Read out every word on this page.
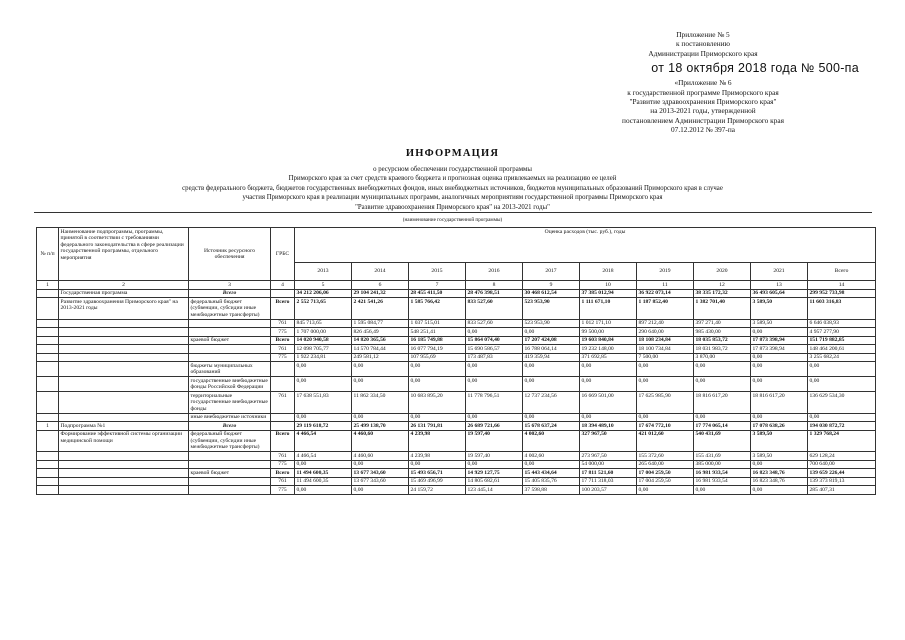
Приложение № 5
к постановлению
Администрации Приморского края
от 18 октября 2018 года № 500-па
«Приложение № 6
к государственной программе Приморского края
"Развитие здравоохранения Приморского края"
на 2013-2021 годы, утвержденной
постановлением Администрации Приморского края
07.12.2012 № 397-па
ИНФОРМАЦИЯ
о ресурсном обеспечении государственной программы
Приморского края за счет средств краевого бюджета и прогнозная оценка привлекаемых на реализацию ее целей
средств федерального бюджета, бюджетов государственных внебюджетных фондов, иных внебюджетных источников, бюджетов муниципальных образований Приморского края в случае
участия Приморского края в реализации муниципальных программ, аналогичных мероприятиям государственной программы Приморского края
"Развитие здравоохранения Приморского края" на 2013-2021 годы"
(наименование государственной программы)
№ п/п	Наименование подпрограммы, программы, принятой в соответствии с требованиями федерального законодательства в сфере реализации государственной программы, отдельного мероприятия	Источник ресурсного обеспечения	ГРБС	Оценка расходов (тыс. руб.), годы									
				2013	2014	2015	2016	2017	2018	2019	2020	2021	Всего
1	2	3	4	5	6	7	8	9	10	11	12	13	14
	Государственная программа	Всего		34 212 206,06	29 104 241,32	28 455 411,50	28 476 398,51	30 468 612,54	37 385 012,94	36 922 073,14	38 335 172,32	36 493 605,64	299 952 733,98
	Развитие здравоохранения Приморского края" на 2013-2021 годы	федеральный бюджет (субвенции, субсидии иные межбюджетные трансферты)	Всего	2 552 713,65	2 421 541,26	1 585 766,42	833 527,60	523 953,90	1 111 671,10	1 187 852,40	1 382 701,40	3 589,50	11 603 316,83
			761	845 713,65	1 595 084,77	1 037 515,01	833 527,60	523 953,90	1 012 171,10	897 212,40	397 271,40	3 589,50	6 646 038,93
			775	1 707 000,00	826 456,49	548 251,41	0,00	0,00	99 500,00	290 640,00	985 430,00	0,00	4 957 277,90
		краевой бюджет	Всего	14 020 940,58	14 820 365,56	16 185 749,88	15 864 074,40	17 207 424,08	19 603 840,84	18 108 234,84	18 035 853,72	17 873 398,94	151 719 882,85
			761	12 098 705,77	14 570 784,44	16 077 794,19	15 690 586,57	16 788 064,14	19 232 148,00	18 100 734,84	18 031 983,72	17 873 398,94	148 464 200,61
			775	1 922 234,81	249 581,12	107 955,69	173 487,83	419 359,94	371 692,85	7 500,00	3 870,00	0,00	3 255 682,24
		бюджеты муниципальных образований		0,00	0,00	0,00	0,00	0,00	0,00	0,00	0,00	0,00	0,00
		государственные внебюджетные фонды Российской Федерации		0,00	0,00	0,00	0,00	0,00	0,00	0,00	0,00	0,00	0,00
		территориальные государственные внебюджетные фонды	761	17 638 551,83	11 862 334,50	10 683 895,20	11 778 796,51	12 737 234,56	16 669 501,00	17 625 985,90	18 816 617,20	18 816 617,20	136 629 534,30
		иные внебюджетные источники		0,00	0,00	0,00	0,00	0,00	0,00	0,00	0,00	0,00	0,00
1	Подпрограмма №1	Всего		29 119 618,72	25 499 138,70	26 131 791,81	26 689 721,66	15 678 637,24	18 394 489,10	17 674 772,10	17 774 065,14	17 078 638,26	194 030 872,72
	Формирование эффективной системы организации медицинской помощи	федеральный бюджет (субвенции, субсидии иные межбюджетные трансферты)	Всего	4 466,54	4 460,60	4 239,98	19 597,40	4 002,60	327 967,50	421 012,60	540 431,69	3 589,50	1 329 768,24
			761	4 466,54	4 460,60	4 239,98	19 597,40	4 002,60	273 967,50	155 372,60	155 431,69	3 589,50	629 128,24
			775	0,00	0,00	0,00	0,00	0,00	54 000,00	265 640,00	385 000,00	0,00	700 640,00
		краевой бюджет	Всего	11 494 600,35	13 677 343,60	15 493 656,71	14 929 127,75	15 443 434,64	17 811 521,60	17 004 259,50	16 981 933,54	16 823 348,76	139 659 226,44
			761	11 494 600,35	13 677 343,60	15 469 496,99	14 805 682,61	15 405 835,76	17 711 318,03	17 004 259,50	16 981 933,54	16 823 348,76	139 373 819,13
			775	0,00	0,00	24 159,72	123 445,14	37 598,88	100 203,57	0,00	0,00	0,00	285 407,31
